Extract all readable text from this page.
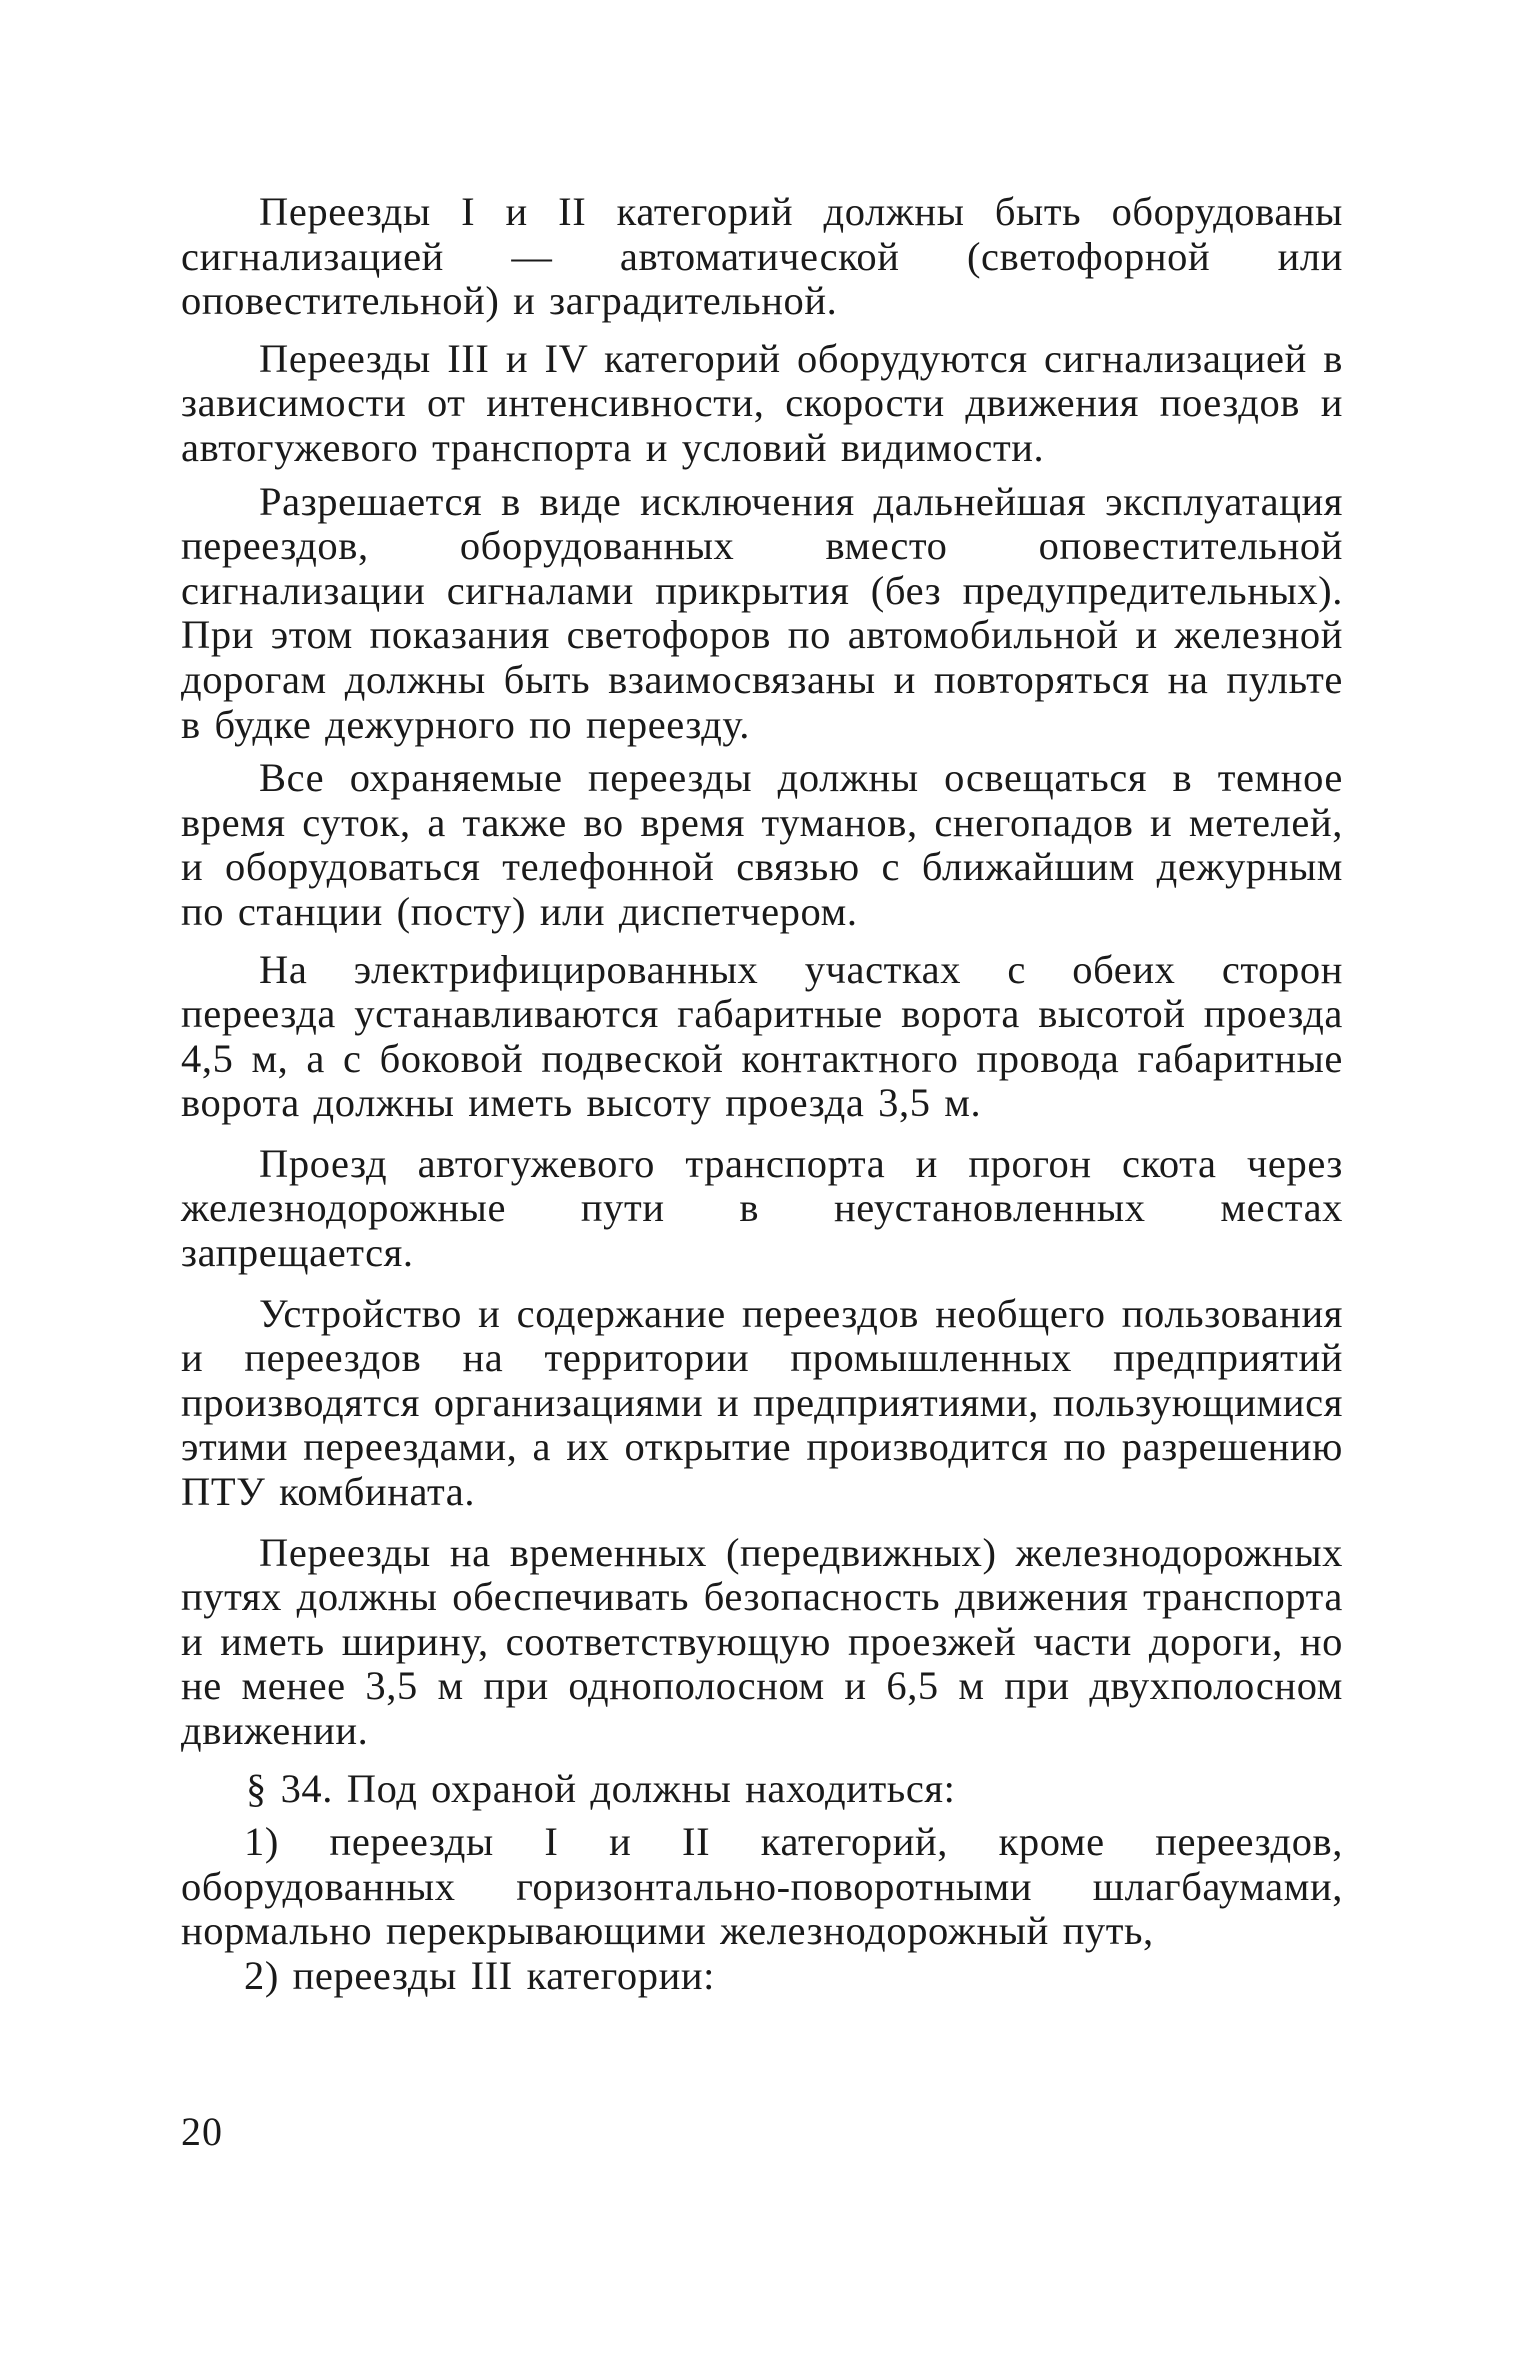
Переезды I и II категорий должны быть оборудованы сигнализацией — автоматической (светофорной или оповестительной) и заградительной.

Переезды III и IV категорий оборудуются сигнализацией в зависимости от интенсивности, скорости движения поездов и автогужевого транспорта и условий видимости.

Разрешается в виде исключения дальнейшая эксплуатация переездов, оборудованных вместо оповестительной сигнализации сигналами прикрытия (без предупредительных). При этом показания светофоров по автомобильной и железной дорогам должны быть взаимосвязаны и повторяться на пульте в будке дежурного по переезду.

Все охраняемые переезды должны освещаться в темное время суток, а также во время туманов, снегопадов и метелей, и оборудоваться телефонной связью с ближайшим дежурным по станции (посту) или диспетчером.

На электрифицированных участках с обеих сторон переезда устанавливаются габаритные ворота высотой проезда 4,5 м, а с боковой подвеской контактного провода габаритные ворота должны иметь высоту проезда 3,5 м.

Проезд автогужевого транспорта и прогон скота через железнодорожные пути в неустановленных местах запрещается.

Устройство и содержание переездов необщего пользования и переездов на территории промышленных предприятий производятся организациями и предприятиями, пользующимися этими переездами, а их открытие производится по разрешению ПТУ комбината.

Переезды на временных (передвижных) железнодорожных путях должны обеспечивать безопасность движения транспорта и иметь ширину, соответствующую проезжей части дороги, но не менее 3,5 м при однополосном и 6,5 м при двухполосном движении.

§ 34. Под охраной должны находиться:

1) переезды I и II категорий, кроме переездов, оборудованных горизонтально-поворотными шлагбаумами, нормально перекрывающими железнодорожный путь,

2) переезды III категории:

20
